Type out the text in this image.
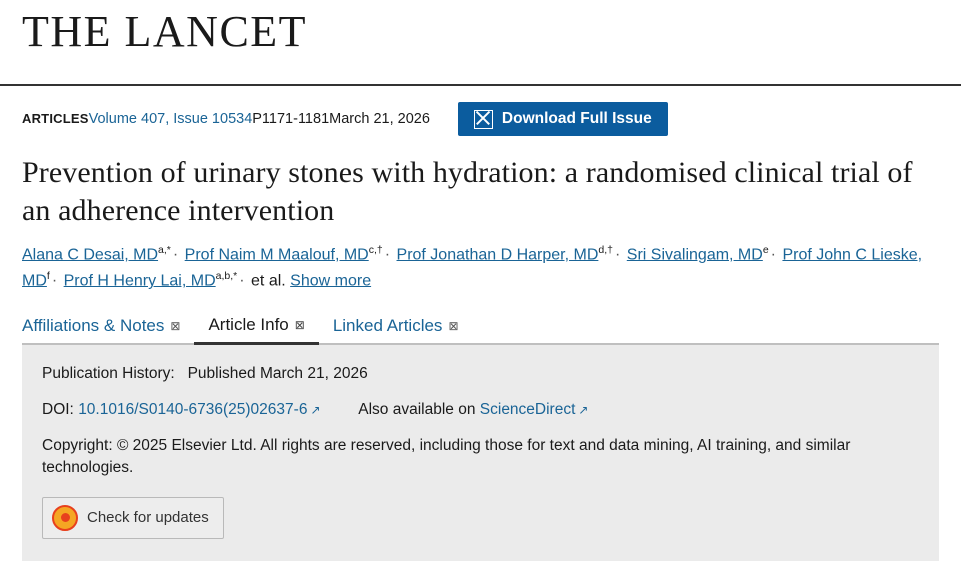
THE LANCET
ARTICLESVolume 407, Issue 10534P1171-1181March 21, 2026	Download Full Issue
Prevention of urinary stones with hydration: a randomised clinical trial of an adherence intervention
Alana C Desai, $MD^{a,*}$ · Prof Naim M Maalouf, $MD^{c,\dagger}$ · Prof Jonathan D Harper, $MD^{d,\dagger}$ · Sri Sivalingam, $MD^e$ · Prof John C Lieske, $MD^f$ · Prof H Henry Lai, $MD^{a,b,*}$ · et al. Show more
Affiliations & Notes ⊠ Article Info ⊠ Linked Articles ⊠
Publication History: Published March 21, 2026
DOI: 10.1016/S0140-6736(25)02637-6 ↗ Also available on ScienceDirect ↗
Copyright: © 2025 Elsevier Ltd. All rights are reserved, including those for text and data mining, AI training, and similar technologies.
Check for updates
